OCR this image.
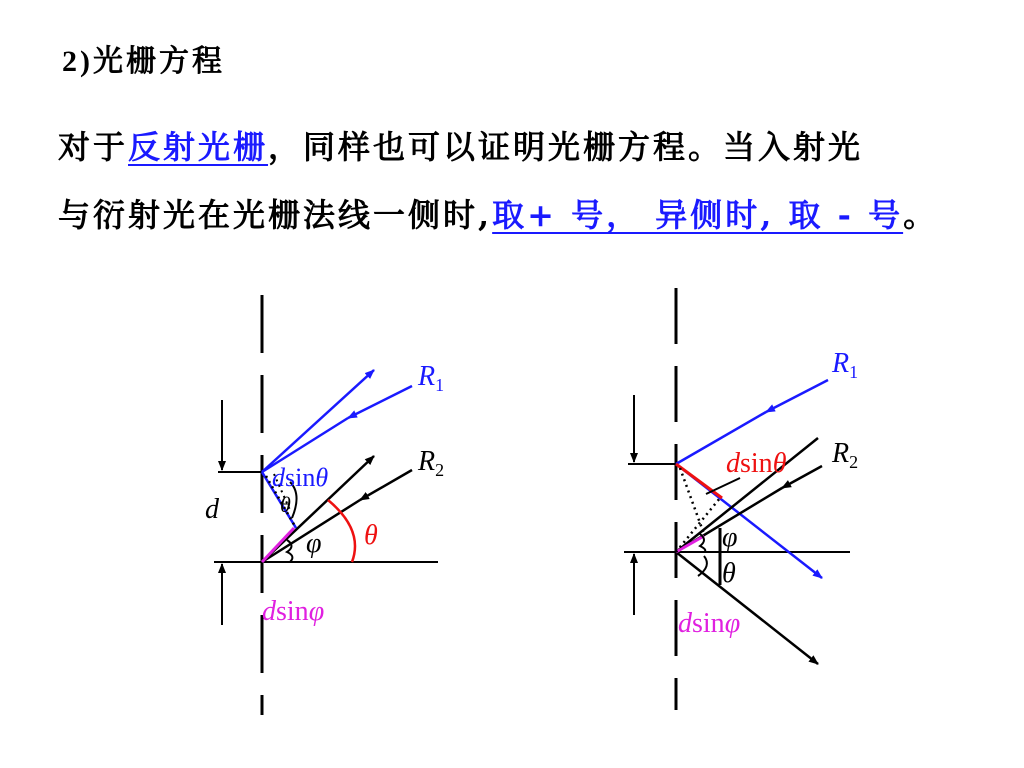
2)光栅方程
对于反射光栅，同样也可以证明光栅方程。当入射光
与衍射光在光栅法线一侧时,取+ 号， 异侧时, 取 - 号。
$R_1$
$R_2$
d
dsinθ
θ
φ θ
dsinφ
$R_1$
$R_2$
dsinθ
φ
θ
dsinφ
